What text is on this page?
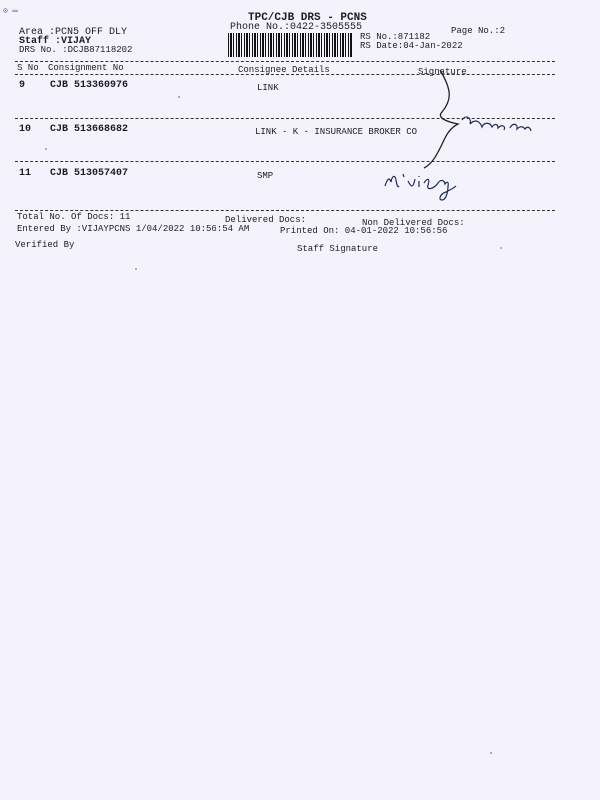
⊙ ▭
TPC/CJB DRS - PCNS
Phone No.:0422-3505555
Area :PCN5 OFF DLY
Staff :VIJAY
DRS No. :DCJB87118202
RS No.:871182
RS Date:04-Jan-2022
Page No.:2
S No Consignment No	Consignee Details	Signature
9 CJB 513360976	LINK
10 CJB 513668682	LINK - K - INSURANCE BROKER CO
11 CJB 513057407	SMP
Total No. Of Docs: 11	Delivered Docs:	Non Delivered Docs:
Entered By :VIJAYPCNS 1/04/2022 10:56:54 AM	Printed On: 04-01-2022 10:56:56
Verified By	Staff Signature
